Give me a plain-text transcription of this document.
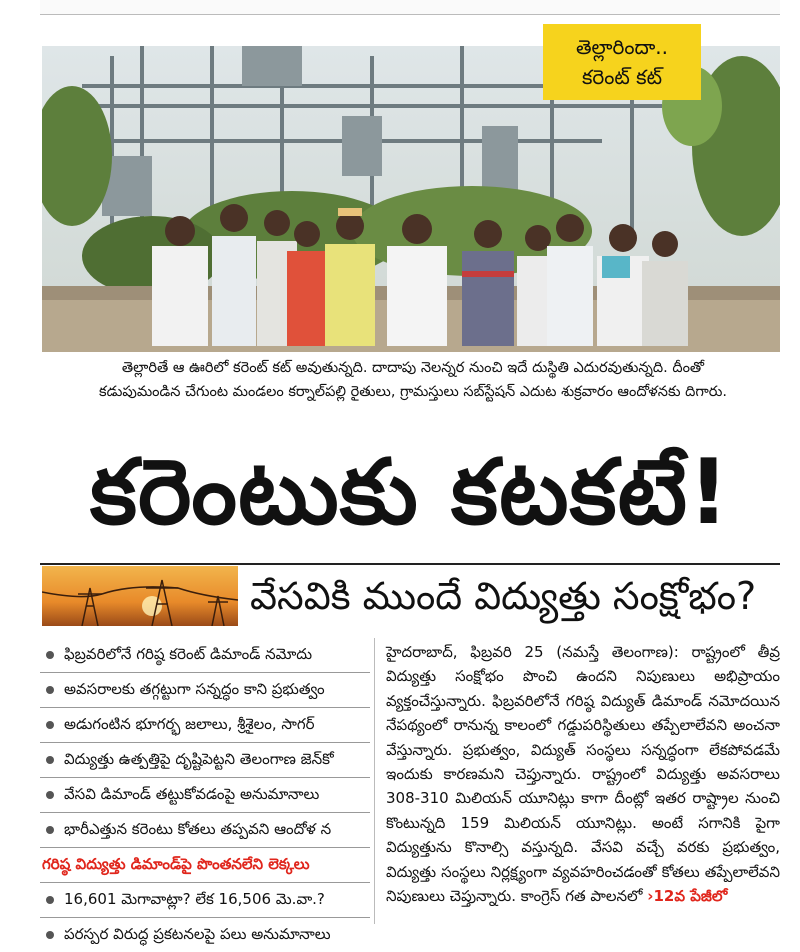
తెల్లారిందా..
కరెంట్ కట్
తెల్లారితే ఆ ఊరిలో కరెంట్ కట్ అవుతున్నది. దాదాపు నెలన్నర నుంచి ఇదే దుస్థితి ఎదురవుతున్నది. దీంతో
కడుపుమండిన చేగుంట మండలం కర్నాల్‌పల్లి రైతులు, గ్రామస్తులు సబ్‌స్టేషన్ ఎదుట శుక్రవారం ఆందోళనకు దిగారు.
కరెంటుకు కటకటే!
వేసవికి ముందే విద్యుత్తు సంక్షోభం?
ఫిబ్రవరిలోనే గరిష్ఠ కరెంట్ డిమాండ్ నమోదు
అవసరాలకు తగ్గట్టుగా సన్నద్ధం కాని ప్రభుత్వం
అడుగంటిన భూగర్భ జలాలు, శ్రీశైలం, సాగర్
విద్యుత్తు ఉత్పత్తిపై దృష్టిపెట్టని తెలంగాణ జెన్‌కో
వేసవి డిమాండ్ తట్టుకోవడంపై అనుమానాలు
భారీఎత్తున కరెంటు కోతలు తప్పవని ఆందోళ న
గరిష్ఠ విద్యుత్తు డిమాండ్‌పై పొంతనలేని లెక్కలు
16,601 మెగావాట్లా? లేక 16,506 మె.వా.?
పరస్పర విరుద్ధ ప్రకటనలపై పలు అనుమానాలు
హైదరాబాద్, ఫిబ్రవరి 25 (నమస్తే తెలంగాణ): రాష్ట్రంలో తీవ్ర విద్యుత్తు సంక్షోభం పొంచి ఉందని నిపుణులు అభిప్రాయం వ్యక్తంచేస్తున్నారు. ఫిబ్రవరిలోనే గరిష్ఠ విద్యుత్ డిమాండ్ నమోదయిన నేపథ్యంలో రానున్న కాలంలో గడ్డుపరిస్థితులు తప్పేలాలేవని అంచనా వేస్తున్నారు. ప్రభుత్వం, విద్యుత్ సంస్థలు సన్నద్ధంగా లేకపోవడమే ఇందుకు కారణమని చెప్తున్నారు. రాష్ట్రంలో విద్యుత్తు అవసరాలు 308-310 మిలియన్ యూనిట్లు కాగా దీంట్లో ఇతర రాష్ట్రాల నుంచి కొంటున్నది 159 మిలియన్ యూనిట్లు. అంటే సగానికి పైగా విద్యుత్తును కొనాల్సి వస్తున్నది. వేసవి వచ్చే వరకు ప్రభుత్వం, విద్యుత్తు సంస్థలు నిర్లక్ష్యంగా వ్యవహరించడంతో కోతలు తప్పేలాలేవని నిపుణులు చెప్తున్నారు. కాంగ్రెస్ గత పాలనలో ›12వ పేజీలో
